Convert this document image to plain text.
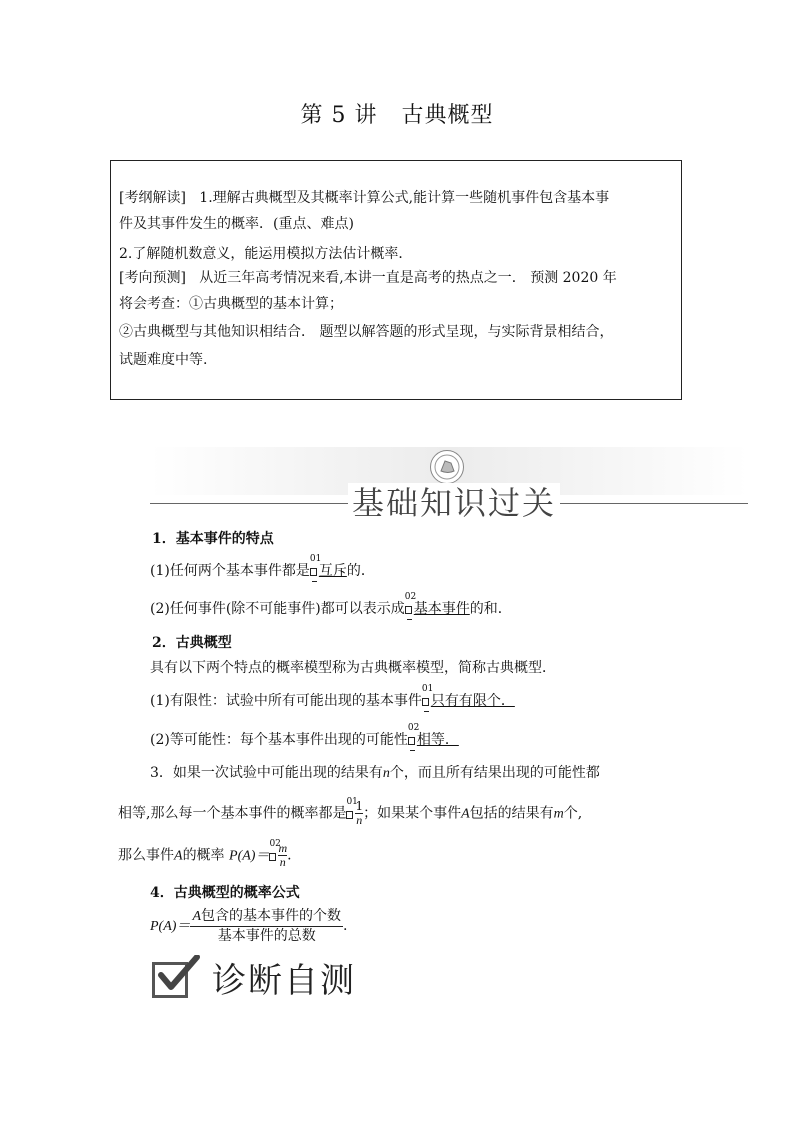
第 5 讲 古典概型

[考纲解读] 1.理解古典概型及其概率计算公式,能计算一些随机事件包含基本事

件及其事件发生的概率．(重点、难点)

2.了解随机数意义，能运用模拟方法估计概率．

[考向预测] 从近三年高考情况来看,本讲一直是高考的热点之一． 预测 2020 年

将会考查：①古典概型的基本计算；

②古典概型与其他知识相结合． 题型以解答题的形式呈现，与实际背景相结合，

试题难度中等.

基础知识过关
1．基本事件的特点
(1)任何两个基本事件都是
01
互斥的．
(2)任何事件(除不可能事件)都可以表示成
02
基本事件的和．
2．古典概型
具有以下两个特点的概率模型称为古典概率模型，简称古典概型．
(1)有限性：试验中所有可能出现的基本事件
01
只有有限个．
(2)等可能性：每个基本事件出现的可能性
02
相等．
3．如果一次试验中可能出现的结果有n个，而且所有结果出现的可能性都
相等,那么每一个基本事件的概率都是
01
$\frac{1}{n}$ ；如果某个事件A包括的结果有m个,
那么事件A的概率 P(A)＝
02
$\frac{m}{n}$ .
4．古典概型的概率公式
P(A)＝
A包含的基本事件的个数
基本事件的总数
.
诊断自测
